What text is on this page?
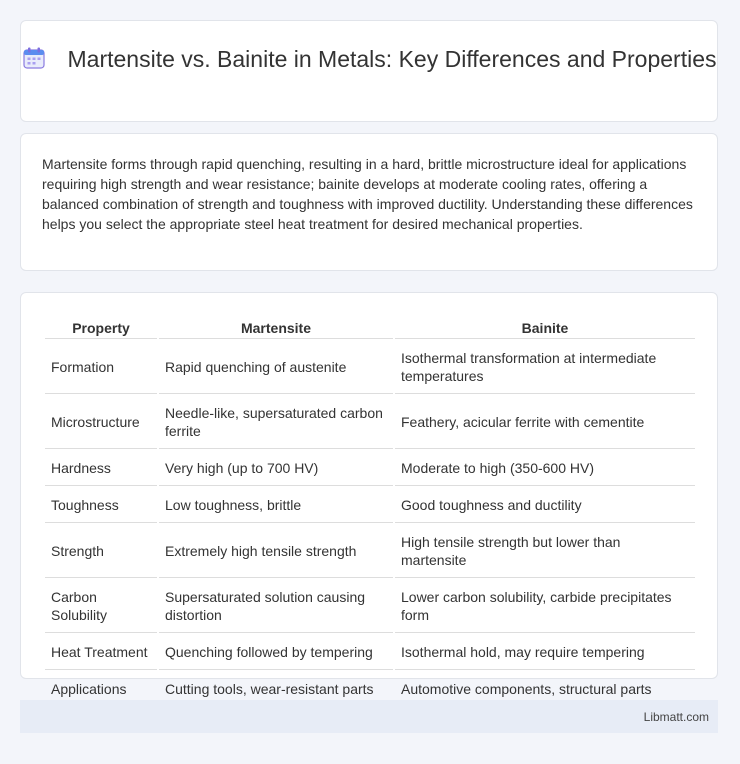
Martensite vs. Bainite in Metals: Key Differences and Properties
Martensite forms through rapid quenching, resulting in a hard, brittle microstructure ideal for applications requiring high strength and wear resistance; bainite develops at moderate cooling rates, offering a balanced combination of strength and toughness with improved ductility. Understanding these differences helps you select the appropriate steel heat treatment for desired mechanical properties.
Property	Martensite	Bainite
Formation	Rapid quenching of austenite	Isothermal transformation at intermediate temperatures
Microstructure	Needle-like, supersaturated carbon ferrite	Feathery, acicular ferrite with cementite
Hardness	Very high (up to 700 HV)	Moderate to high (350-600 HV)
Toughness	Low toughness, brittle	Good toughness and ductility
Strength	Extremely high tensile strength	High tensile strength but lower than martensite
Carbon Solubility	Supersaturated solution causing distortion	Lower carbon solubility, carbide precipitates form
Heat Treatment	Quenching followed by tempering	Isothermal hold, may require tempering
Applications	Cutting tools, wear-resistant parts	Automotive components, structural parts
Libmatt.com
